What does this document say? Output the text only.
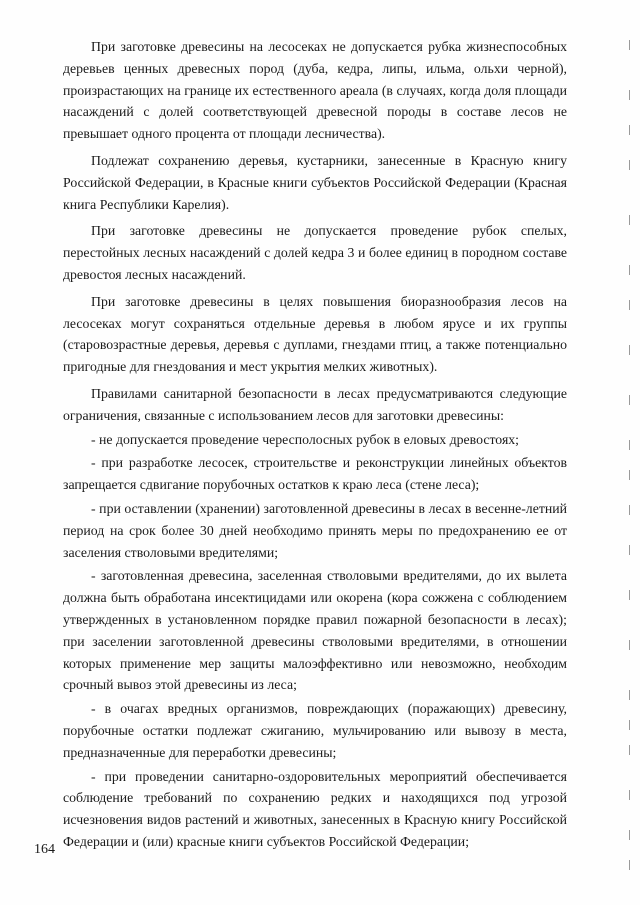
При заготовке древесины на лесосеках не допускается рубка жизнеспособных деревьев ценных древесных пород (дуба, кедра, липы, ильма, ольхи черной), произрастающих на границе их естественного ареала (в случаях, когда доля площади насаждений с долей соответствующей древесной породы в составе лесов не превышает одного процента от площади лесничества).

Подлежат сохранению деревья, кустарники, занесенные в Красную книгу Российской Федерации, в Красные книги субъектов Российской Федерации (Красная книга Республики Карелия).

При заготовке древесины не допускается проведение рубок спелых, перестойных лесных насаждений с долей кедра 3 и более единиц в породном составе древостоя лесных насаждений.

При заготовке древесины в целях повышения биоразнообразия лесов на лесосеках могут сохраняться отдельные деревья в любом ярусе и их группы (старовозрастные деревья, деревья с дуплами, гнездами птиц, а также потенциально пригодные для гнездования и мест укрытия мелких животных).

Правилами санитарной безопасности в лесах предусматриваются следующие ограничения, связанные с использованием лесов для заготовки древесины:

- не допускается проведение чересполосных рубок в еловых древостоях;

- при разработке лесосек, строительстве и реконструкции линейных объектов запрещается сдвигание порубочных остатков к краю леса (стене леса);

- при оставлении (хранении) заготовленной древесины в лесах в весенне-летний период на срок более 30 дней необходимо принять меры по предохранению ее от заселения стволовыми вредителями;

- заготовленная древесина, заселенная стволовыми вредителями, до их вылета должна быть обработана инсектицидами или окорена (кора сожжена с соблюдением утвержденных в установленном порядке правил пожарной безопасности в лесах); при заселении заготовленной древесины стволовыми вредителями, в отношении которых применение мер защиты малоэффективно или невозможно, необходим срочный вывоз этой древесины из леса;

- в очагах вредных организмов, повреждающих (поражающих) древесину, порубочные остатки подлежат сжиганию, мульчированию или вывозу в места, предназначенные для переработки древесины;

- при проведении санитарно-оздоровительных мероприятий обеспечивается соблюдение требований по сохранению редких и находящихся под угрозой исчезновения видов растений и животных, занесенных в Красную книгу Российской Федерации и (или) красные книги субъектов Российской Федерации;

164
